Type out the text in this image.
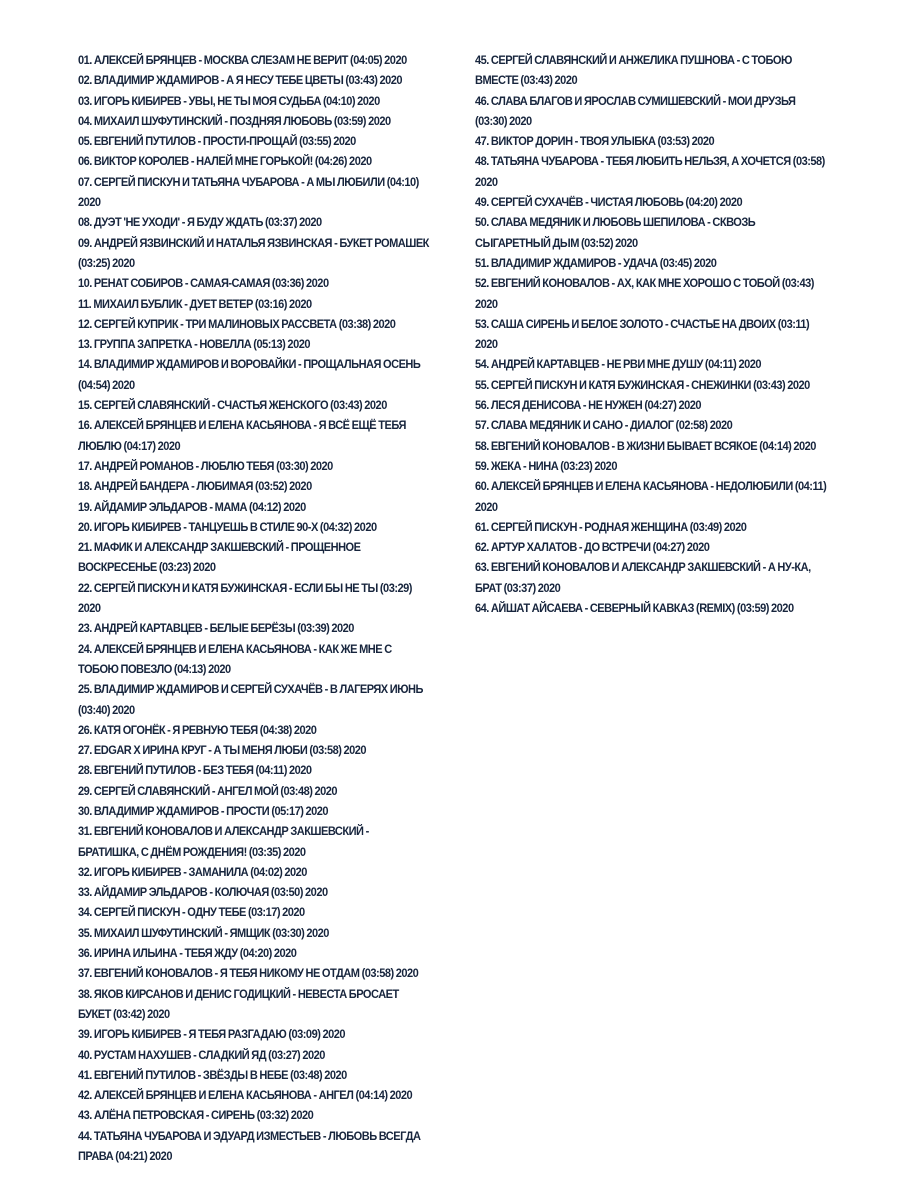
01. АЛЕКСЕЙ БРЯНЦЕВ - МОСКВА СЛЕЗАМ НЕ ВЕРИТ (04:05) 2020
02. ВЛАДИМИР ЖДАМИРОВ - А Я НЕСУ ТЕБЕ ЦВЕТЫ (03:43) 2020
03. ИГОРЬ КИБИРЕВ - УВЫ, НЕ ТЫ МОЯ СУДЬБА (04:10) 2020
04. МИХАИЛ ШУФУТИНСКИЙ - ПОЗДНЯЯ ЛЮБОВЬ (03:59) 2020
05. ЕВГЕНИЙ ПУТИЛОВ - ПРОСТИ-ПРОЩАЙ (03:55) 2020
06. ВИКТОР КОРОЛЕВ - НАЛЕЙ МНЕ ГОРЬКОЙ! (04:26) 2020
07. СЕРГЕЙ ПИСКУН И ТАТЬЯНА ЧУБАРОВА - А МЫ ЛЮБИЛИ (04:10) 2020
08. ДУЭТ 'НЕ УХОДИ' - Я БУДУ ЖДАТЬ (03:37) 2020
09. АНДРЕЙ ЯЗВИНСКИЙ И НАТАЛЬЯ ЯЗВИНСКАЯ - БУКЕТ РОМАШЕК (03:25) 2020
10. РЕНАТ СОБИРОВ - САМАЯ-САМАЯ (03:36) 2020
11. МИХАИЛ БУБЛИК - ДУЕТ ВЕТЕР (03:16) 2020
12. СЕРГЕЙ КУПРИК - ТРИ МАЛИНОВЫХ РАССВЕТА (03:38) 2020
13. ГРУППА ЗАПРЕТКА - НОВЕЛЛА (05:13) 2020
14. ВЛАДИМИР ЖДАМИРОВ И ВОРОВАЙКИ - ПРОЩАЛЬНАЯ ОСЕНЬ (04:54) 2020
15. СЕРГЕЙ СЛАВЯНСКИЙ - СЧАСТЬЯ ЖЕНСКОГО (03:43) 2020
16. АЛЕКСЕЙ БРЯНЦЕВ И ЕЛЕНА КАСЬЯНОВА - Я ВСЁ ЕЩЁ ТЕБЯ ЛЮБЛЮ (04:17) 2020
17. АНДРЕЙ РОМАНОВ - ЛЮБЛЮ ТЕБЯ (03:30) 2020
18. АНДРЕЙ БАНДЕРА - ЛЮБИМАЯ (03:52) 2020
19. АЙДАМИР ЭЛЬДАРОВ - МАМА (04:12) 2020
20. ИГОРЬ КИБИРЕВ - ТАНЦУЕШЬ В СТИЛЕ 90-Х (04:32) 2020
21. МАФИК И АЛЕКСАНДР ЗАКШЕВСКИЙ - ПРОЩЕННОЕ ВОСКРЕСЕНЬЕ (03:23) 2020
22. СЕРГЕЙ ПИСКУН И КАТЯ БУЖИНСКАЯ - ЕСЛИ БЫ НЕ ТЫ (03:29) 2020
23. АНДРЕЙ КАРТАВЦЕВ - БЕЛЫЕ БЕРЁЗЫ (03:39) 2020
24. АЛЕКСЕЙ БРЯНЦЕВ И ЕЛЕНА КАСЬЯНОВА - КАК ЖЕ МНЕ С ТОБОЮ ПОВЕЗЛО (04:13) 2020
25. ВЛАДИМИР ЖДАМИРОВ И СЕРГЕЙ СУХАЧЁВ - В ЛАГЕРЯХ ИЮНЬ (03:40) 2020
26. КАТЯ ОГОНЁК - Я РЕВНУЮ ТЕБЯ (04:38) 2020
27. EDGAR X ИРИНА КРУГ - А ТЫ МЕНЯ ЛЮБИ (03:58) 2020
28. ЕВГЕНИЙ ПУТИЛОВ - БЕЗ ТЕБЯ (04:11) 2020
29. СЕРГЕЙ СЛАВЯНСКИЙ - АНГЕЛ МОЙ (03:48) 2020
30. ВЛАДИМИР ЖДАМИРОВ - ПРОСТИ (05:17) 2020
31. ЕВГЕНИЙ КОНОВАЛОВ И АЛЕКСАНДР ЗАКШЕВСКИЙ - БРАТИШКА, С ДНЁМ РОЖДЕНИЯ! (03:35) 2020
32. ИГОРЬ КИБИРЕВ - ЗАМАНИЛА (04:02) 2020
33. АЙДАМИР ЭЛЬДАРОВ - КОЛЮЧАЯ (03:50) 2020
34. СЕРГЕЙ ПИСКУН - ОДНУ ТЕБЕ (03:17) 2020
35. МИХАИЛ ШУФУТИНСКИЙ - ЯМЩИК (03:30) 2020
36. ИРИНА ИЛЬИНА - ТЕБЯ ЖДУ (04:20) 2020
37. ЕВГЕНИЙ КОНОВАЛОВ - Я ТЕБЯ НИКОМУ НЕ ОТДАМ (03:58) 2020
38. ЯКОВ КИРСАНОВ И ДЕНИС ГОДИЦКИЙ - НЕВЕСТА БРОСАЕТ БУКЕТ (03:42) 2020
39. ИГОРЬ КИБИРЕВ - Я ТЕБЯ РАЗГАДАЮ (03:09) 2020
40. РУСТАМ НАХУШЕВ - СЛАДКИЙ ЯД (03:27) 2020
41. ЕВГЕНИЙ ПУТИЛОВ - ЗВЁЗДЫ В НЕБЕ (03:48) 2020
42. АЛЕКСЕЙ БРЯНЦЕВ И ЕЛЕНА КАСЬЯНОВА - АНГЕЛ (04:14) 2020
43. АЛЁНА ПЕТРОВСКАЯ - СИРЕНЬ (03:32) 2020
44. ТАТЬЯНА ЧУБАРОВА И ЭДУАРД ИЗМЕСТЬЕВ - ЛЮБОВЬ ВСЕГДА ПРАВА (04:21) 2020
45. СЕРГЕЙ СЛАВЯНСКИЙ И АНЖЕЛИКА ПУШНОВА - С ТОБОЮ ВМЕСТЕ (03:43) 2020
46. СЛАВА БЛАГОВ И ЯРОСЛАВ СУМИШЕВСКИЙ - МОИ ДРУЗЬЯ (03:30) 2020
47. ВИКТОР ДОРИН - ТВОЯ УЛЫБКА (03:53) 2020
48. ТАТЬЯНА ЧУБАРОВА - ТЕБЯ ЛЮБИТЬ НЕЛЬЗЯ, А ХОЧЕТСЯ (03:58) 2020
49. СЕРГЕЙ СУХАЧЁВ - ЧИСТАЯ ЛЮБОВЬ (04:20) 2020
50. СЛАВА МЕДЯНИК И ЛЮБОВЬ ШЕПИЛОВА - СКВОЗЬ СЫГАРЕТНЫЙ ДЫМ (03:52) 2020
51. ВЛАДИМИР ЖДАМИРОВ - УДАЧА (03:45) 2020
52. ЕВГЕНИЙ КОНОВАЛОВ - АХ, КАК МНЕ ХОРОШО С ТОБОЙ (03:43) 2020
53. САША СИРЕНЬ И БЕЛОЕ ЗОЛОТО - СЧАСТЬЕ НА ДВОИХ (03:11) 2020
54. АНДРЕЙ КАРТАВЦЕВ - НЕ РВИ МНЕ ДУШУ (04:11) 2020
55. СЕРГЕЙ ПИСКУН И КАТЯ БУЖИНСКАЯ - СНЕЖИНКИ (03:43) 2020
56. ЛЕСЯ ДЕНИСОВА - НЕ НУЖЕН (04:27) 2020
57. СЛАВА МЕДЯНИК И САНО - ДИАЛОГ (02:58) 2020
58. ЕВГЕНИЙ КОНОВАЛОВ - В ЖИЗНИ БЫВАЕТ ВСЯКОЕ (04:14) 2020
59. ЖЕКА - НИНА (03:23) 2020
60. АЛЕКСЕЙ БРЯНЦЕВ И ЕЛЕНА КАСЬЯНОВА - НЕДОЛЮБИЛИ (04:11) 2020
61. СЕРГЕЙ ПИСКУН - РОДНАЯ ЖЕНЩИНА (03:49) 2020
62. АРТУР ХАЛАТОВ - ДО ВСТРЕЧИ (04:27) 2020
63. ЕВГЕНИЙ КОНОВАЛОВ И АЛЕКСАНДР ЗАКШЕВСКИЙ - А НУ-КА, БРАТ (03:37) 2020
64. АЙШАТ АЙСАЕВА - СЕВЕРНЫЙ КАВКАЗ (REMIX) (03:59) 2020
